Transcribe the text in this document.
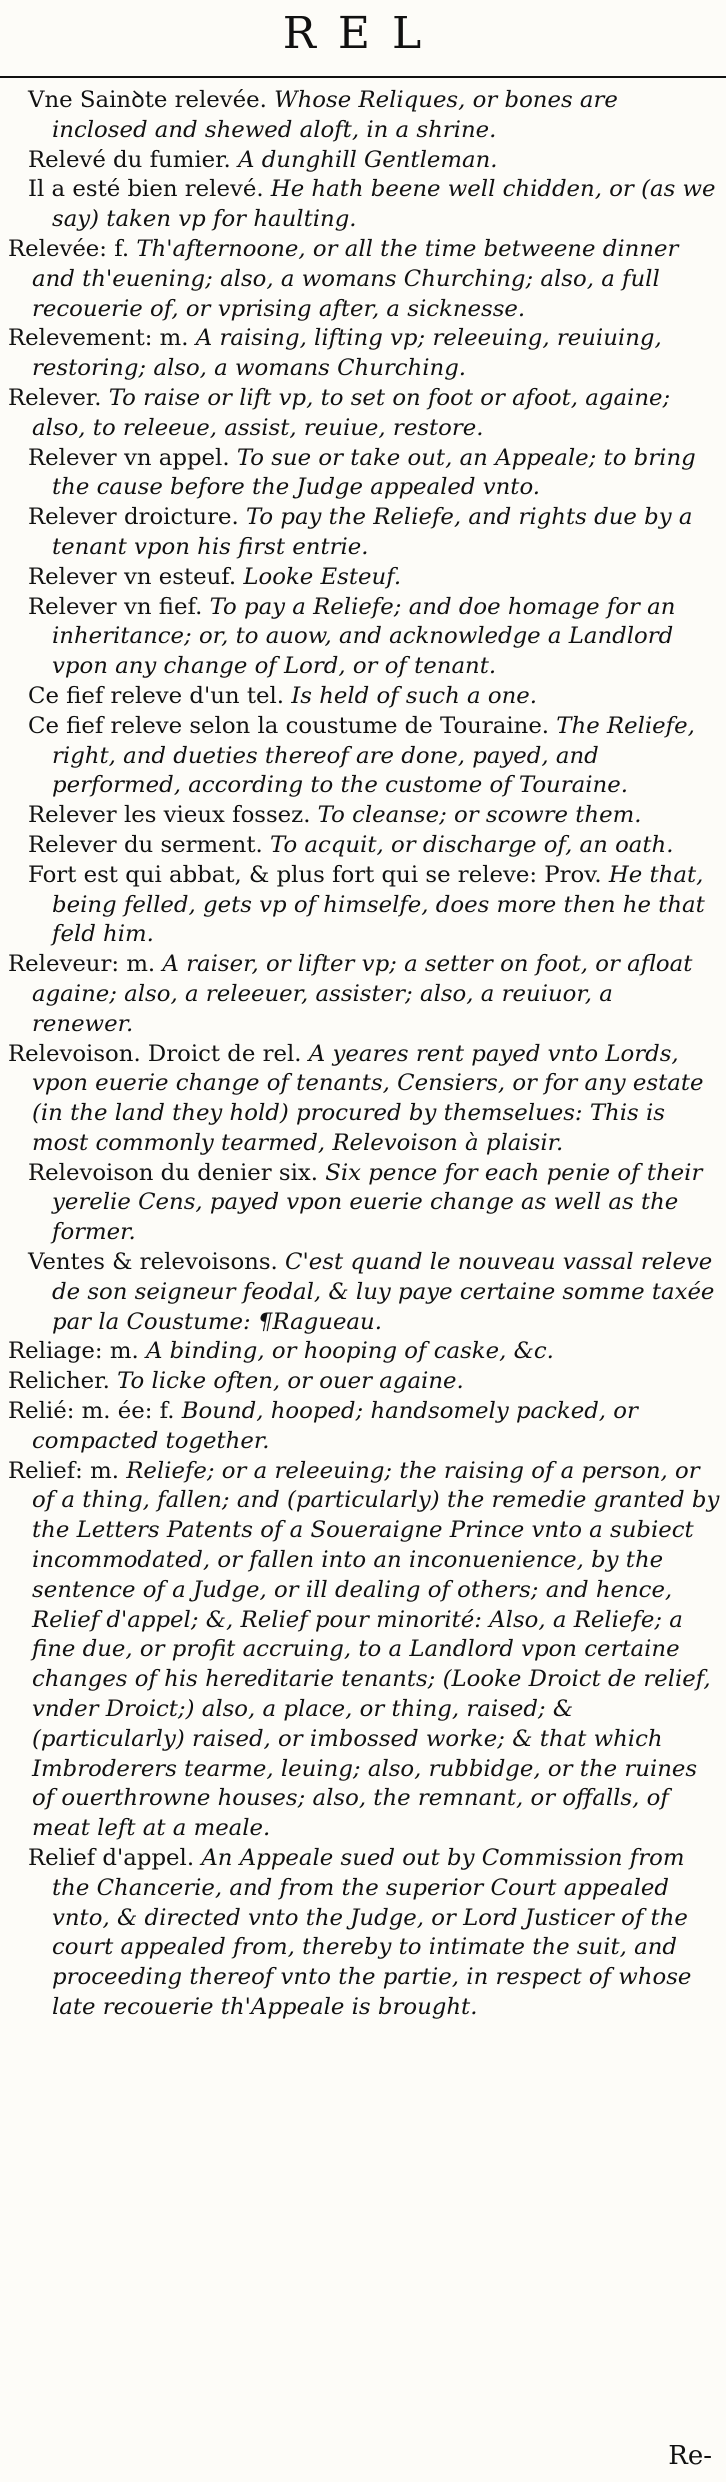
REL

Vne Sainꝺte relevée. Whose Reliques, or bones are inclosed and shewed aloft, in a shrine.

Relevé du fumier. A dunghill Gentleman.

Il a esté bien relevé. He hath beene well chidden, or (as we say) taken vp for haulting.

Relevée: f. Th'afternoone, or all the time betweene dinner and th'euening; also, a womans Churching; also, a full recouerie of, or vprising after, a sicknesse.

Relevement: m. A raising, lifting vp; releeuing, reuiuing, restoring; also, a womans Churching.

Relever. To raise or lift vp, to set on foot or afoot, againe; also, to releeue, assist, reuiue, restore.

Relever vn appel. To sue or take out, an Appeale; to bring the cause before the Judge appealed vnto.

Relever droicture. To pay the Reliefe, and rights due by a tenant vpon his first entrie.

Relever vn esteuf. Looke Esteuf.

Relever vn fief. To pay a Reliefe; and doe homage for an inheritance; or, to auow, and acknowledge a Landlord vpon any change of Lord, or of tenant.

Ce fief releve d'un tel. Is held of such a one.

Ce fief releve selon la coustume de Touraine. The Reliefe, right, and dueties thereof are done, payed, and performed, according to the custome of Touraine.

Relever les vieux fossez. To cleanse; or scowre them.

Relever du serment. To acquit, or discharge of, an oath.

Fort est qui abbat, & plus fort qui se releve: Prov. He that, being felled, gets vp of himselfe, does more then he that feld him.

Releveur: m. A raiser, or lifter vp; a setter on foot, or afloat againe; also, a releeuer, assister; also, a reuiuor, a renewer.

Relevoison. Droict de rel. A yeares rent payed vnto Lords, vpon euerie change of tenants, Censiers, or for any estate (in the land they hold) procured by themselues: This is most commonly tearmed, Relevoison à plaisir.

Relevoison du denier six. Six pence for each penie of their yerelie Cens, payed vpon euerie change as well as the former.

Ventes & relevoisons. C'est quand le nouveau vassal releve de son seigneur feodal, & luy paye certaine somme taxée par la Coustume: ¶Ragueau.

Reliage: m. A binding, or hooping of caske, &c.

Relicher. To licke often, or ouer againe.

Relié: m. ée: f. Bound, hooped; handsomely packed, or compacted together.

Relief: m. Reliefe; or a releeuing; the raising of a person, or of a thing, fallen; and (particularly) the remedie granted by the Letters Patents of a Soueraigne Prince vnto a subiect incommodated, or fallen into an inconuenience, by the sentence of a Judge, or ill dealing of others; and hence, Relief d'appel; &, Relief pour minorité: Also, a Reliefe; a fine due, or profit accruing, to a Landlord vpon certaine changes of his hereditarie tenants; (Looke Droict de relief, vnder Droict;) also, a place, or thing, raised; & (particularly) raised, or imbossed worke; & that which Imbroderers tearme, leuing; also, rubbidge, or the ruines of ouerthrowne houses; also, the remnant, or offalls, of meat left at a meale.

Relief d'appel. An Appeale sued out by Commission from the Chancerie, and from the superior Court appealed vnto, & directed vnto the Judge, or Lord Justicer of the court appealed from, thereby to intimate the suit, and proceeding thereof vnto the partie, in respect of whose late recouerie th'Appeale is brought.

Re-
